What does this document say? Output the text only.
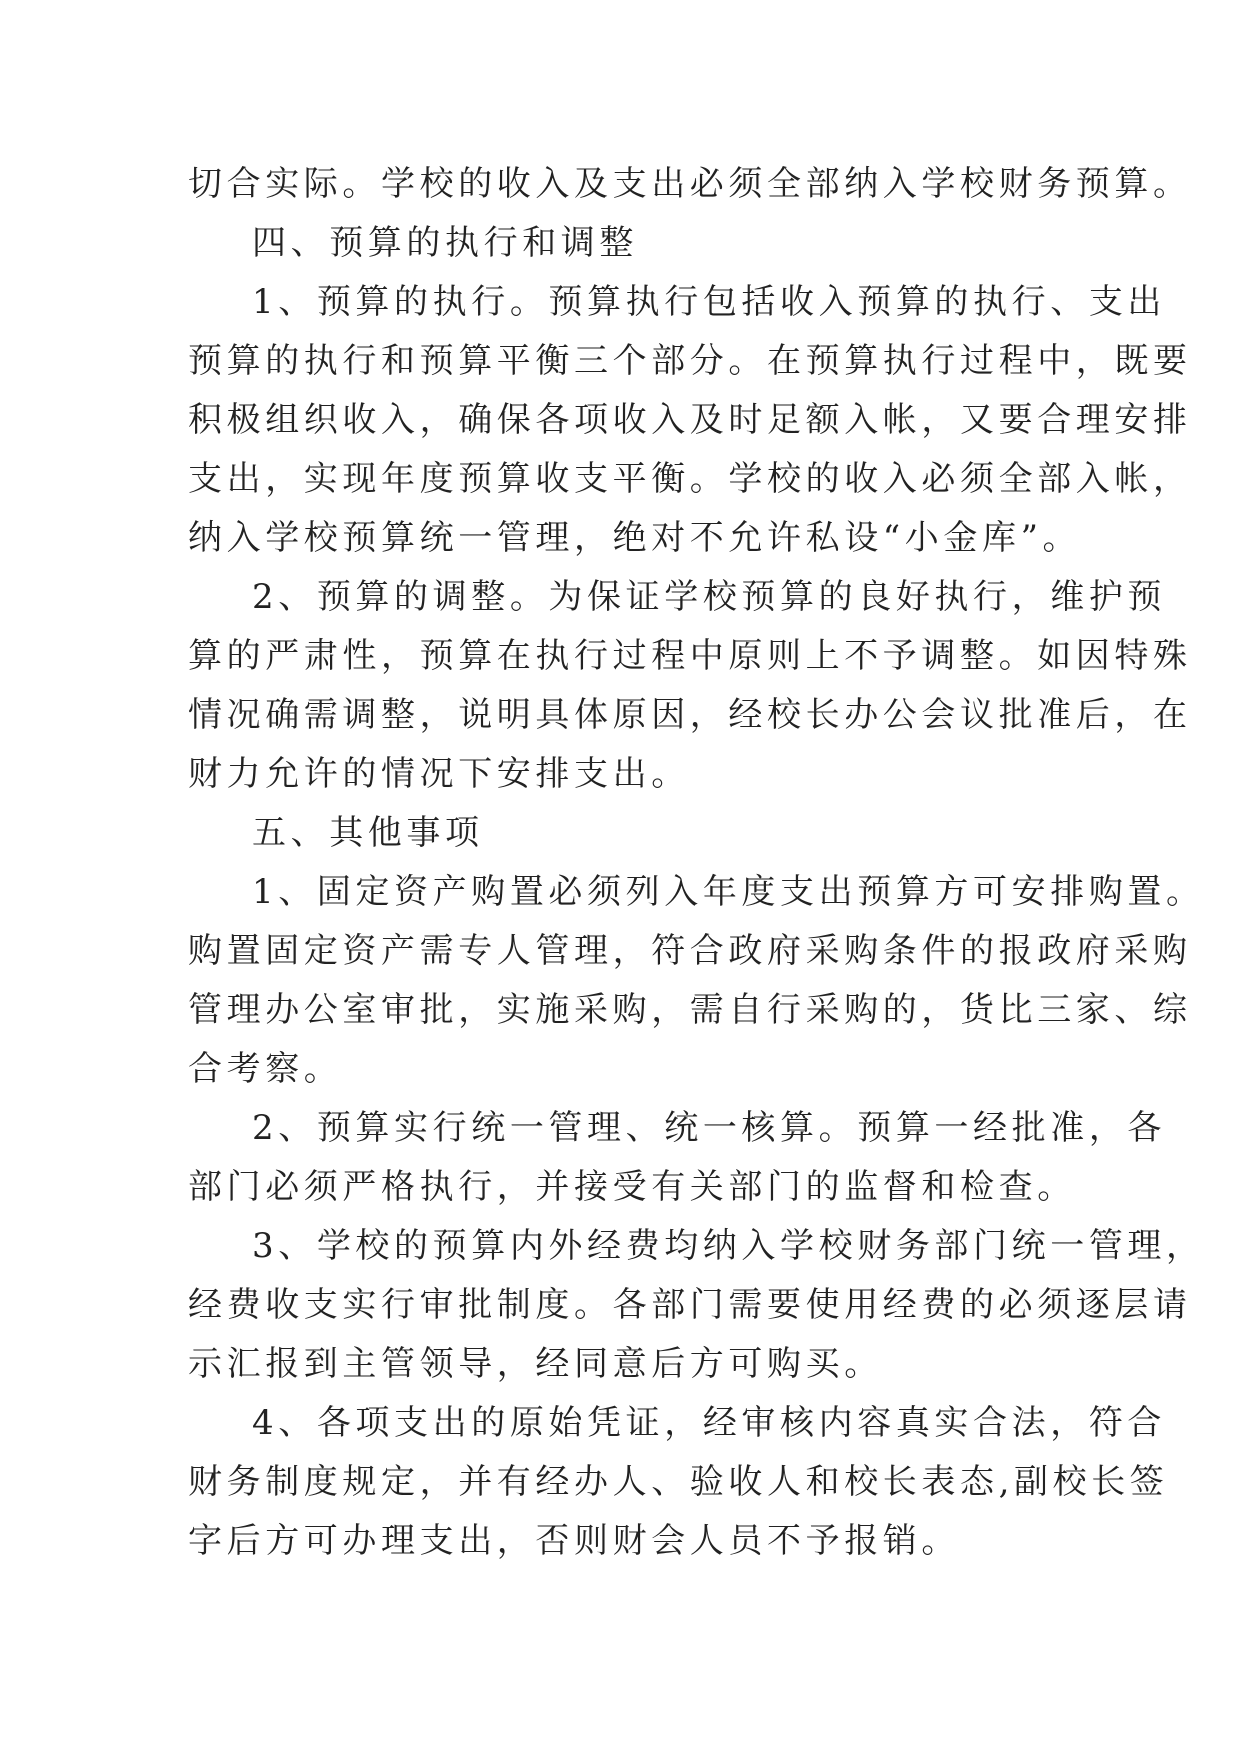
切合实际。学校的收入及支出必须全部纳入学校财务预算。
四、预算的执行和调整
1、预算的执行。预算执行包括收入预算的执行、支出
预算的执行和预算平衡三个部分。在预算执行过程中，既要
积极组织收入，确保各项收入及时足额入帐，又要合理安排
支出，实现年度预算收支平衡。学校的收入必须全部入帐，
纳入学校预算统一管理，绝对不允许私设“小金库”。
2、预算的调整。为保证学校预算的良好执行，维护预
算的严肃性，预算在执行过程中原则上不予调整。如因特殊
情况确需调整，说明具体原因，经校长办公会议批准后，在
财力允许的情况下安排支出。
五、其他事项
1、固定资产购置必须列入年度支出预算方可安排购置。
购置固定资产需专人管理，符合政府采购条件的报政府采购
管理办公室审批，实施采购，需自行采购的，货比三家、综
合考察。
2、预算实行统一管理、统一核算。预算一经批准，各
部门必须严格执行，并接受有关部门的监督和检查。
3、学校的预算内外经费均纳入学校财务部门统一管理，
经费收支实行审批制度。各部门需要使用经费的必须逐层请
示汇报到主管领导，经同意后方可购买。
4、各项支出的原始凭证，经审核内容真实合法，符合
财务制度规定，并有经办人、验收人和校长表态,副校长签
字后方可办理支出，否则财会人员不予报销。
